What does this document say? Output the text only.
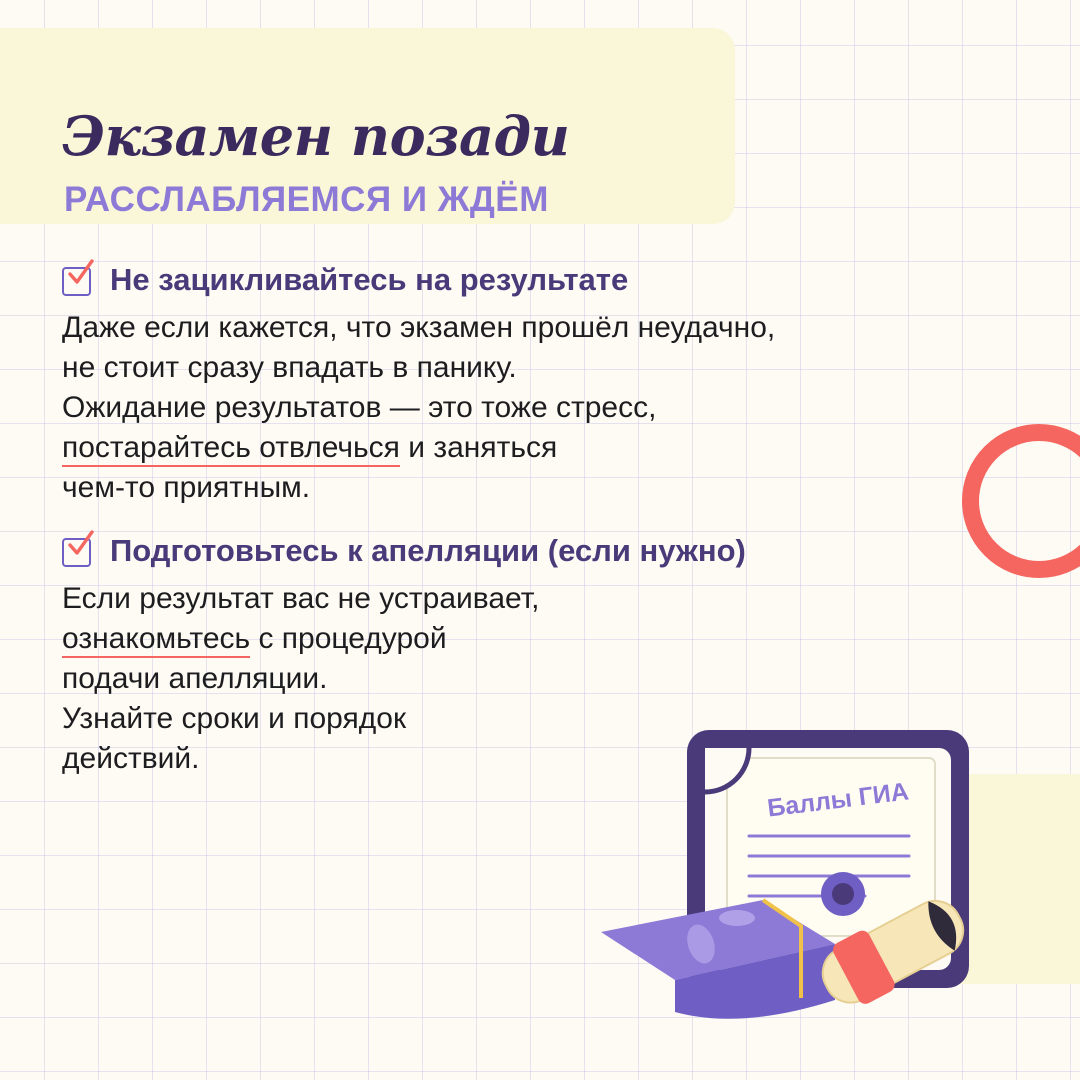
Экзамен позади
РАССЛАБЛЯЕМСЯ И ЖДЁМ
Не зацикливайтесь на результате
Даже если кажется, что экзамен прошёл неудачно,
не стоит сразу впадать в панику.
Ожидание результатов — это тоже стресс,
постарайтесь отвлечься и заняться
чем-то приятным.
Подготовьтесь к апелляции (если нужно)
Если результат вас не устраивает,
ознакомьтесь с процедурой
подачи апелляции.
Узнайте сроки и порядок
действий.
Баллы ГИА
